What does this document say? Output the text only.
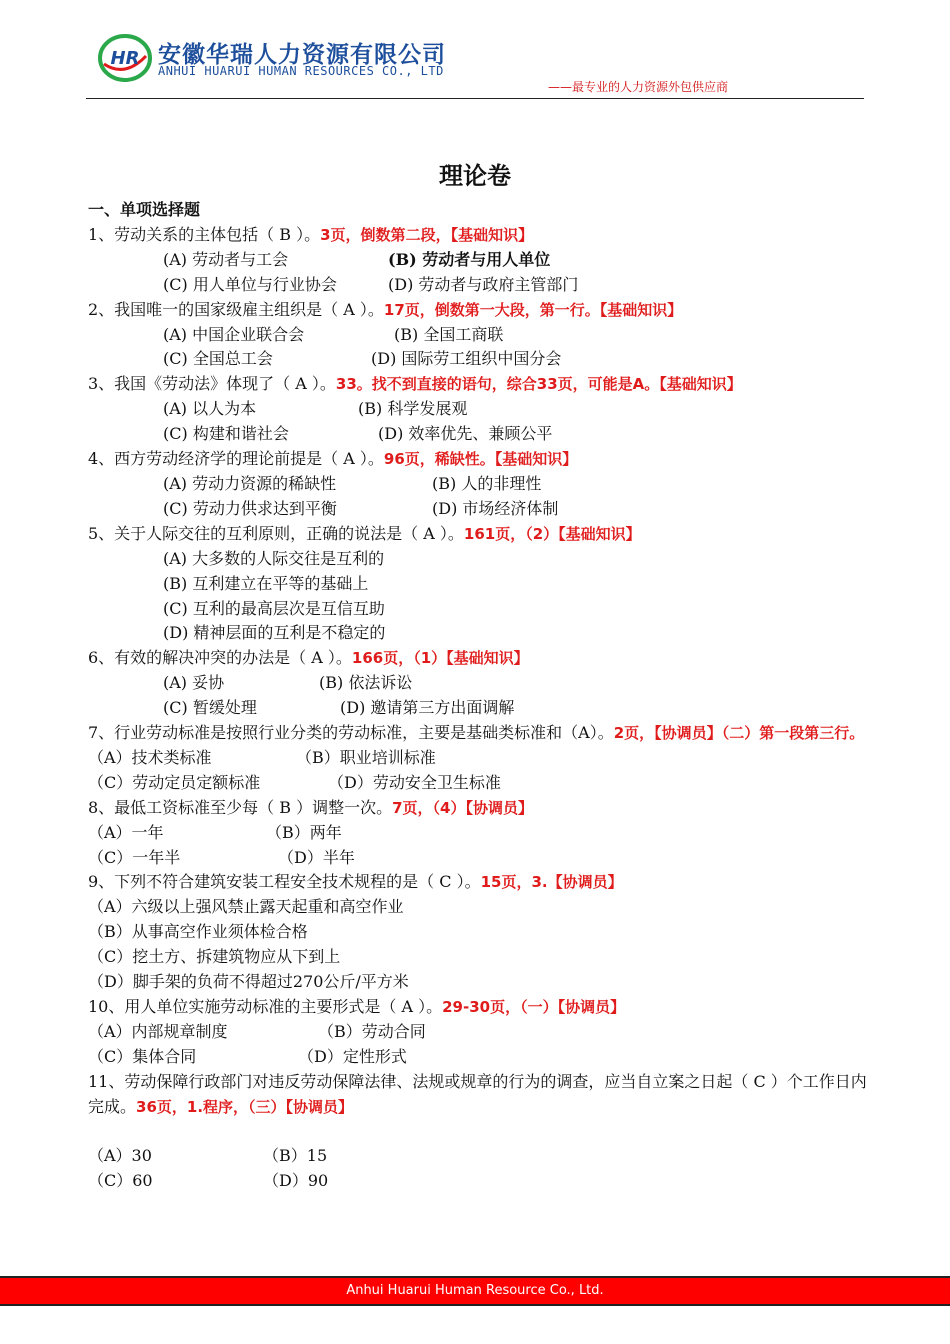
HR 安徽华瑞人力资源有限公司
ANHUI HUARUI HUMAN RESOURCES CO., LTD
——最专业的人力资源外包供应商
理论卷
一、单项选择题
1、劳动关系的主体包括（ B ）。3页，倒数第二段，【基础知识】
(A) 劳动者与工会	(B) 劳动者与用人单位
(C) 用人单位与行业协会	(D) 劳动者与政府主管部门
2、我国唯一的国家级雇主组织是（ A ）。17页，倒数第一大段，第一行。【基础知识】
(A) 中国企业联合会	(B) 全国工商联
(C) 全国总工会	(D) 国际劳工组织中国分会
3、我国《劳动法》体现了（ A ）。33。找不到直接的语句，综合33页，可能是A。【基础知识】
(A) 以人为本	(B) 科学发展观
(C) 构建和谐社会	(D) 效率优先、兼顾公平
4、西方劳动经济学的理论前提是（ A ）。96页，稀缺性。【基础知识】
(A) 劳动力资源的稀缺性	(B) 人的非理性
(C) 劳动力供求达到平衡	(D) 市场经济体制
5、关于人际交往的互利原则，正确的说法是（ A ）。161页，（2）【基础知识】
(A) 大多数的人际交往是互利的
(B) 互利建立在平等的基础上
(C) 互利的最高层次是互信互助
(D) 精神层面的互利是不稳定的
6、有效的解决冲突的办法是（ A ）。166页，（1）【基础知识】
(A) 妥协	(B) 依法诉讼
(C) 暂缓处理	(D) 邀请第三方出面调解
7、行业劳动标准是按照行业分类的劳动标准，主要是基础类标准和（A）。2页，【协调员】（二）第一段第三行。
（A）技术类标准	（B）职业培训标准
（C）劳动定员定额标准	（D）劳动安全卫生标准
8、最低工资标准至少每（ B ）调整一次。7页，（4）【协调员】
（A）一年	（B）两年
（C）一年半	（D）半年
9、下列不符合建筑安装工程安全技术规程的是（ C ）。15页，3.【协调员】
（A）六级以上强风禁止露天起重和高空作业
（B）从事高空作业须体检合格
（C）挖土方、拆建筑物应从下到上
（D）脚手架的负荷不得超过270公斤/平方米
10、用人单位实施劳动标准的主要形式是（ A ）。29-30页，（一）【协调员】
（A）内部规章制度	（B）劳动合同
（C）集体合同	（D）定性形式
11、劳动保障行政部门对违反劳动保障法律、法规或规章的行为的调查，应当自立案之日起（ C ）个工作日内完成。36页，1.程序，（三）【协调员】
（A）30	（B）15
（C）60	（D）90
Anhui Huarui Human Resource Co., Ltd.
